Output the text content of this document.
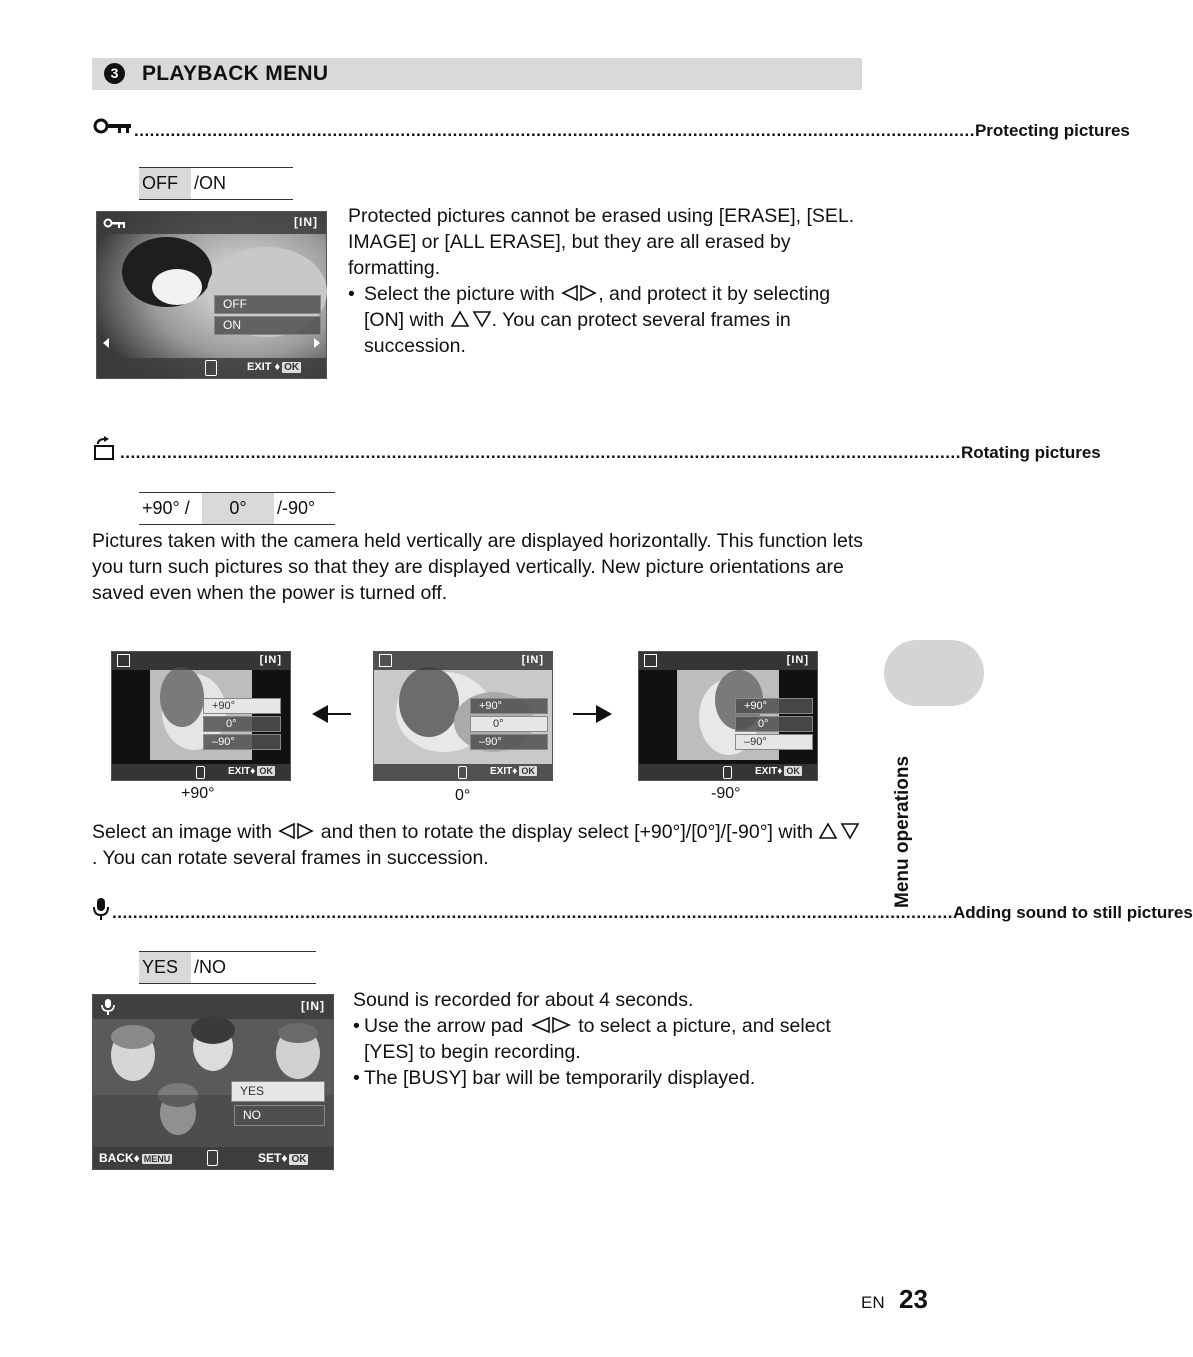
3	PLAYBACK MENU
................................................................................................................................................................. Protecting pictures
OFF /ON
[IN]
OFF
ON
EXIT ♦ OK
Protected pictures cannot be erased using [ERASE], [SEL. IMAGE] or [ALL ERASE], but they are all erased by formatting.
• Select the picture with , and protect it by selecting [ON] with . You can protect several frames in succession.
................................................................................................................................................................. Rotating pictures
+90° /	0°	/-90°
Pictures taken with the camera held vertically are displayed horizontally. This function lets you turn such pictures so that they are displayed vertically. New picture orientations are saved even when the power is turned off.
[IN]
+90°
0°
–90°
EXIT♦ OK
+90°
[IN]
+90°
0°
–90°
EXIT♦ OK
0°
[IN]
+90°
0°
–90°
EXIT♦ OK
-90°
Select an image with	and then to rotate the display select [+90°]/[0°]/[-90°] with . You can rotate several frames in succession.
................................................................................................................................................................. Adding sound to still pictures
YES /NO
[IN]
YES
NO
BACK♦ MENU	SET♦ OK
Sound is recorded for about 4 seconds.
• Use the arrow pad	to select a picture, and select [YES] to begin recording.
• The [BUSY] bar will be temporarily displayed.
Menu operations
EN 23
